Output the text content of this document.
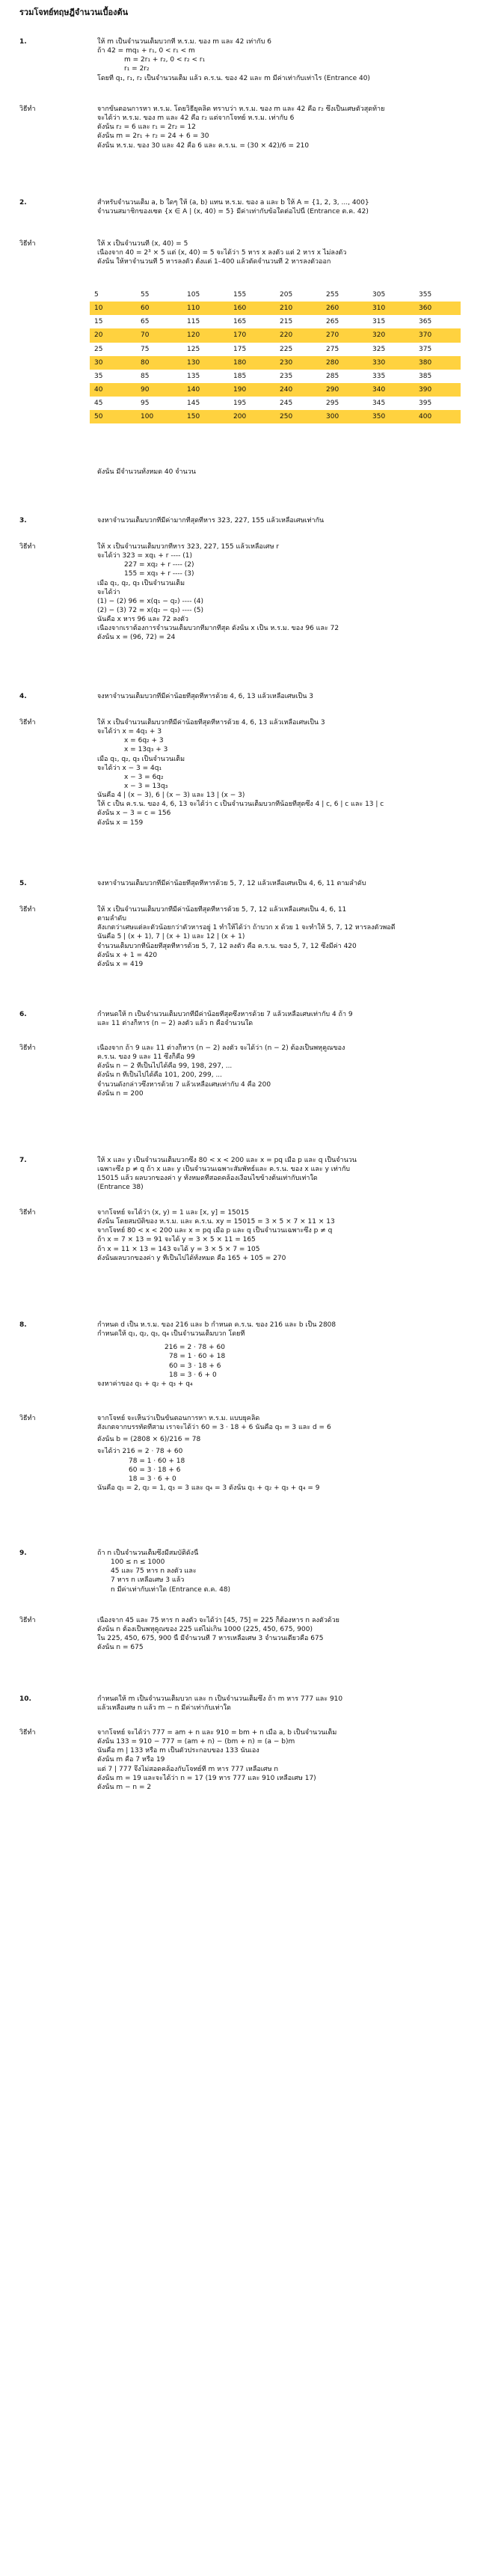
รวมโจทย์ทฤษฎีจำนวนเบื้องต้น
1.	ให้ m เป็นจำนวนเต็มบวกที่ ห.ร.ม. ของ m และ 42 เท่ากับ 6
ถ้า 42 = mq₁ + r₁, 0 < r₁ < m
m = 2r₁ + r₂, 0 < r₂ < r₁
r₁ = 2r₂
โดยที่ q₁, r₁, r₂ เป็นจำนวนเต็ม แล้ว ค.ร.น. ของ 42 และ m มีค่าเท่ากับเท่าไร (Entrance 40)
วิธีทำ	จากขั้นตอนการหา ห.ร.ม. โดยวิธียุคลิด ทราบว่า ห.ร.ม. ของ m และ 42 คือ r₂ ซึ่งเป็นเศษตัวสุดท้าย
จะได้ว่า ห.ร.ม. ของ m และ 42 คือ r₂ แต่จากโจทย์ ห.ร.ม. เท่ากับ 6
ดังนั้น r₂ = 6 และ r₁ = 2r₂ = 12
ดังนั้น m = 2r₁ + r₂ = 24 + 6 = 30
ดังนั้น ห.ร.ม. ของ 30 และ 42 คือ 6 และ ค.ร.น. = (30 × 42)/6 = 210
2.	สำหรับจำนวนเต็ม a, b ใดๆ ให้ (a, b) แทน ห.ร.ม. ของ a และ b ให้ A = {1, 2, 3, ..., 400}
จำนวนสมาชิกของเซต {x ∈ A | (x, 40) = 5} มีค่าเท่ากับข้อใดต่อไปนี้ (Entrance ต.ค. 42)
วิธีทำ	ให้ x เป็นจำนวนที่ (x, 40) = 5
เนื่องจาก 40 = 2³ × 5 แต่ (x, 40) = 5 จะได้ว่า 5 หาร x ลงตัว แต่ 2 หาร x ไม่ลงตัว
ดังนั้น ให้หาจำนวนที่ 5 หารลงตัว ตั้งแต่ 1–400 แล้วตัดจำนวนที่ 2 หารลงตัวออก
5	55	105	155	205	255	305	355
10	60	110	160	210	260	310	360
15	65	115	165	215	265	315	365
20	70	120	170	220	270	320	370
25	75	125	175	225	275	325	375
30	80	130	180	230	280	330	380
35	85	135	185	235	285	335	385
40	90	140	190	240	290	340	390
45	95	145	195	245	295	345	395
50	100	150	200	250	300	350	400
ดังนั้น มีจำนวนทั้งหมด 40 จำนวน
3.	จงหาจำนวนเต็มบวกที่มีค่ามากที่สุดที่หาร 323, 227, 155 แล้วเหลือเศษเท่ากัน
วิธีทำ	ให้ x เป็นจำนวนเต็มบวกที่หาร 323, 227, 155 แล้วเหลือเศษ r
จะได้ว่า 323 = xq₁ + r ---- (1)
227 = xq₂ + r ---- (2)
155 = xq₃ + r ---- (3)
เมื่อ q₁, q₂, q₃ เป็นจำนวนเต็ม
จะได้ว่า
(1) − (2) 96 = x(q₁ − q₂) ---- (4)
(2) − (3) 72 = x(q₂ − q₃) ---- (5)
นั่นคือ x หาร 96 และ 72 ลงตัว
เนื่องจากเราต้องการจำนวนเต็มบวกที่มากที่สุด ดังนั้น x เป็น ห.ร.ม. ของ 96 และ 72
ดังนั้น x = (96, 72) = 24
4.	จงหาจำนวนเต็มบวกที่มีค่าน้อยที่สุดที่หารด้วย 4, 6, 13 แล้วเหลือเศษเป็น 3
วิธีทำ	ให้ x เป็นจำนวนเต็มบวกที่มีค่าน้อยที่สุดที่หารด้วย 4, 6, 13 แล้วเหลือเศษเป็น 3
จะได้ว่า x = 4q₁ + 3
x = 6q₂ + 3
x = 13q₃ + 3
เมื่อ q₁, q₂, q₃ เป็นจำนวนเต็ม
จะได้ว่า x − 3 = 4q₁
x − 3 = 6q₂
x − 3 = 13q₃
นั่นคือ 4 | (x − 3), 6 | (x − 3) และ 13 | (x − 3)
ให้ c เป็น ค.ร.น. ของ 4, 6, 13 จะได้ว่า c เป็นจำนวนเต็มบวกที่น้อยที่สุดซึ่ง 4 | c, 6 | c และ 13 | c
ดังนั้น x − 3 = c = 156
ดังนั้น x = 159
5.	จงหาจำนวนเต็มบวกที่มีค่าน้อยที่สุดที่หารด้วย 5, 7, 12 แล้วเหลือเศษเป็น 4, 6, 11 ตามลำดับ
วิธีทำ	ให้ x เป็นจำนวนเต็มบวกที่มีค่าน้อยที่สุดที่หารด้วย 5, 7, 12 แล้วเหลือเศษเป็น 4, 6, 11
ตามลำดับ
สังเกตว่าเศษแต่ละตัวน้อยกว่าตัวหารอยู่ 1 ทำให้ได้ว่า ถ้าบวก x ด้วย 1 จะทำให้ 5, 7, 12 หารลงตัวพอดี
นั่นคือ 5 | (x + 1), 7 | (x + 1) และ 12 | (x + 1)
จำนวนเต็มบวกที่น้อยที่สุดที่หารด้วย 5, 7, 12 ลงตัว คือ ค.ร.น. ของ 5, 7, 12 ซึ่งมีค่า 420
ดังนั้น x + 1 = 420
ดังนั้น x = 419
6.	กำหนดให้ n เป็นจำนวนเต็มบวกที่มีค่าน้อยที่สุดซึ่งหารด้วย 7 แล้วเหลือเศษเท่ากับ 4 ถ้า 9
และ 11 ต่างก็หาร (n − 2) ลงตัว แล้ว n คือจำนวนใด
วิธีทำ	เนื่องจาก ถ้า 9 และ 11 ต่างก็หาร (n − 2) ลงตัว จะได้ว่า (n − 2) ต้องเป็นพหุคูณของ
ค.ร.น. ของ 9 และ 11 ซึ่งก็คือ 99
ดังนั้น n − 2 ที่เป็นไปได้คือ 99, 198, 297, ...
ดังนั้น n ที่เป็นไปได้คือ 101, 200, 299, ...
จำนวนดังกล่าวซึ่งหารด้วย 7 แล้วเหลือเศษเท่ากับ 4 คือ 200
ดังนั้น n = 200
7.	ให้ x และ y เป็นจำนวนเต็มบวกซึ่ง 80 < x < 200 และ x = pq เมื่อ p และ q เป็นจำนวน
เฉพาะซึ่ง p ≠ q ถ้า x และ y เป็นจำนวนเฉพาะสัมพัทธ์และ ค.ร.น. ของ x และ y เท่ากับ
15015 แล้ว ผลบวกของค่า y ทั้งหมดที่สอดคล้องเงื่อนไขข้างต้นเท่ากับเท่าใด
(Entrance 38)
วิธีทำ	จากโจทย์ จะได้ว่า (x, y) = 1 และ [x, y] = 15015
ดังนั้น โดยสมบัติของ ห.ร.ม. และ ค.ร.น. xy = 15015 = 3 × 5 × 7 × 11 × 13
จากโจทย์ 80 < x < 200 และ x = pq เมื่อ p และ q เป็นจำนวนเฉพาะซึ่ง p ≠ q
ถ้า x = 7 × 13 = 91 จะได้ y = 3 × 5 × 11 = 165
ถ้า x = 11 × 13 = 143 จะได้ y = 3 × 5 × 7 = 105
ดังนั้นผลบวกของค่า y ที่เป็นไปได้ทั้งหมด คือ 165 + 105 = 270
8.	กำหนด d เป็น ห.ร.ม. ของ 216 และ b กำหนด ค.ร.น. ของ 216 และ b เป็น 2808
กำหนดให้ q₁, q₂, q₃, q₄ เป็นจำนวนเต็มบวก โดยที่
216 = 2 · 78 + 60
78 = 1 · 60 + 18
60 = 3 · 18 + 6
18 = 3 · 6 + 0
จงหาค่าของ q₁ + q₂ + q₃ + q₄
วิธีทำ	จากโจทย์ จะเห็นว่าเป็นขั้นตอนการหา ห.ร.ม. แบบยุคลิด
สังเกตจากบรรทัดที่สาม เราจะได้ว่า 60 = 3 · 18 + 6 นั่นคือ q₃ = 3 และ d = 6
ดังนั้น b = (2808 × 6)/216 = 78
จะได้ว่า 216 = 2 · 78 + 60
78 = 1 · 60 + 18
60 = 3 · 18 + 6
18 = 3 · 6 + 0
นั่นคือ q₁ = 2, q₂ = 1, q₃ = 3 และ q₄ = 3 ดังนั้น q₁ + q₂ + q₃ + q₄ = 9
9.	ถ้า n เป็นจำนวนเต็มซึ่งมีสมบัติดังนี้
100 ≤ n ≤ 1000
45 และ 75 หาร n ลงตัว และ
7 หาร n เหลือเศษ 3 แล้ว
n มีค่าเท่ากับเท่าใด (Entrance ต.ค. 48)
วิธีทำ	เนื่องจาก 45 และ 75 หาร n ลงตัว จะได้ว่า [45, 75] = 225 ก็ต้องหาร n ลงตัวด้วย
ดังนั้น n ต้องเป็นพหุคูณของ 225 แต่ไม่เกิน 1000 (225, 450, 675, 900)
ใน 225, 450, 675, 900 นี้ มีจำนวนที่ 7 หารเหลือเศษ 3 จำนวนเดียวคือ 675
ดังนั้น n = 675
10.	กำหนดให้ m เป็นจำนวนเต็มบวก และ n เป็นจำนวนเต็มซึ่ง ถ้า m หาร 777 และ 910
แล้วเหลือเศษ n แล้ว m − n มีค่าเท่ากับเท่าใด
วิธีทำ	จากโจทย์ จะได้ว่า 777 = am + n และ 910 = bm + n เมื่อ a, b เป็นจำนวนเต็ม
ดังนั้น 133 = 910 − 777 = (am + n) − (bm + n) = (a − b)m
นั่นคือ m | 133 หรือ m เป็นตัวประกอบของ 133 นั่นเอง
ดังนั้น m คือ 7 หรือ 19
แต่ 7 | 777 จึงไม่สอดคล้องกับโจทย์ที่ m หาร 777 เหลือเศษ n
ดังนั้น m = 19 และจะได้ว่า n = 17 (19 หาร 777 และ 910 เหลือเศษ 17)
ดังนั้น m − n = 2
